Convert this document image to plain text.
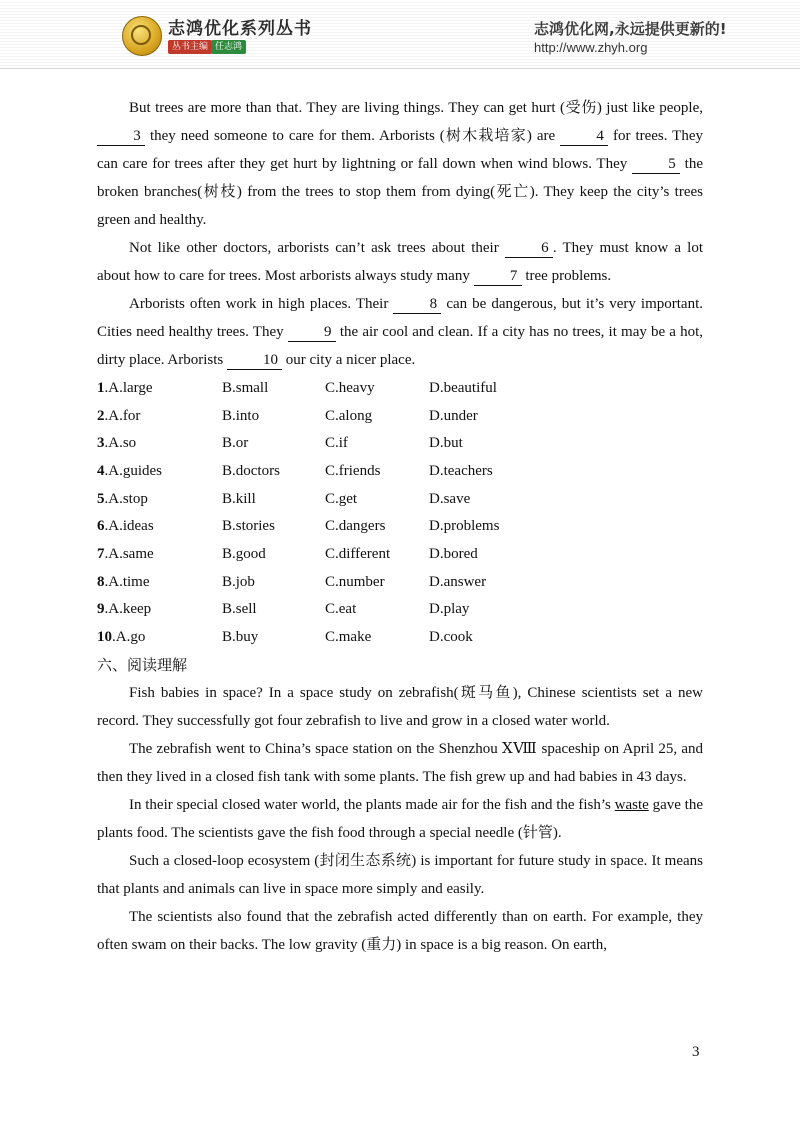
志鸿优化系列丛书
丛书主编 任志鸿
志鸿优化网,永远提供更新的!
http://www.zhyh.org

But trees are more than that. They are living things. They can get hurt (受伤) just like people, 3 they need someone to care for them. Arborists (树木栽培家) are 4 for trees. They can care for trees after they get hurt by lightning or fall down when wind blows. They 5 the broken branches(树枝) from the trees to stop them from dying(死亡). They keep the city’s trees green and healthy.

Not like other doctors, arborists can’t ask trees about their 6 . They must know a lot about how to care for trees. Most arborists always study many 7 tree problems.

Arborists often work in high places. Their 8 can be dangerous, but it’s very important. Cities need healthy trees. They 9 the air cool and clean. If a city has no trees, it may be a hot, dirty place. Arborists 10 our city a nicer place.

1.A.large	B.small	C.heavy	D.beautiful
2.A.for	B.into	C.along	D.under
3.A.so	B.or	C.if	D.but
4.A.guides	B.doctors	C.friends	D.teachers
5.A.stop	B.kill	C.get	D.save
6.A.ideas	B.stories	C.dangers	D.problems
7.A.same	B.good	C.different	D.bored
8.A.time	B.job	C.number	D.answer
9.A.keep	B.sell	C.eat	D.play
10.A.go	B.buy	C.make	D.cook
六、阅读理解

Fish babies in space? In a space study on zebrafish(斑马鱼), Chinese scientists set a new record. They successfully got four zebrafish to live and grow in a closed water world.

The zebrafish went to China’s space station on the Shenzhou ⅩⅧ spaceship on April 25, and then they lived in a closed fish tank with some plants. The fish grew up and had babies in 43 days.

In their special closed water world, the plants made air for the fish and the fish’s waste gave the plants food. The scientists gave the fish food through a special needle (针管).

Such a closed-loop ecosystem (封闭生态系统) is important for future study in space. It means that plants and animals can live in space more simply and easily.

The scientists also found that the zebrafish acted differently than on earth. For example, they often swam on their backs. The low gravity (重力) in space is a big reason. On earth,

3
